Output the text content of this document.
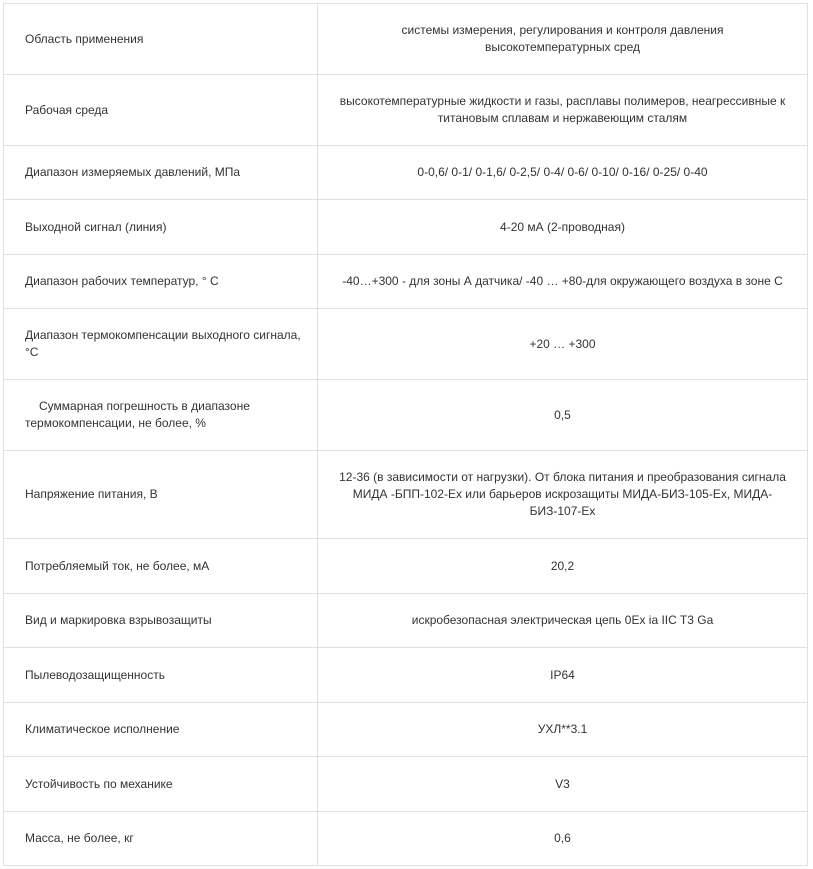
Область применения	системы измерения, регулирования и контроля давления высокотемпературных сред
Рабочая среда	высокотемпературные жидкости и газы, расплавы полимеров, неагрессивные к титановым сплавам и нержавеющим сталям
Диапазон измеряемых давлений, МПа	0-0,6/ 0-1/ 0-1,6/ 0-2,5/ 0-4/ 0-6/ 0-10/ 0-16/ 0-25/ 0-40
Выходной сигнал (линия)	4-20 мА (2-проводная)
Диапазон рабочих температур, ° С	-40…+300 - для зоны А датчика/ -40 … +80-для окружающего воздуха в зоне С
Диапазон термокомпенсации выходного сигнала, °С	+20 … +300
Суммарная погрешность в диапазоне термокомпенсации, не более, %	0,5
Напряжение питания, В	12-36 (в зависимости от нагрузки). От блока питания и преобразования сигнала МИДА -БПП-102-Ех или барьеров искрозащиты МИДА-БИЗ-105-Ех, МИДА-БИЗ-107-Ех
Потребляемый ток, не более, мА	20,2
Вид и маркировка взрывозащиты	искробезопасная электрическая цепь 0Ex ia IIC T3 Ga
Пылеводозащищенность	IP64
Климатическое исполнение	УХЛ**3.1
Устойчивость по механике	V3
Масса, не более, кг	0,6
